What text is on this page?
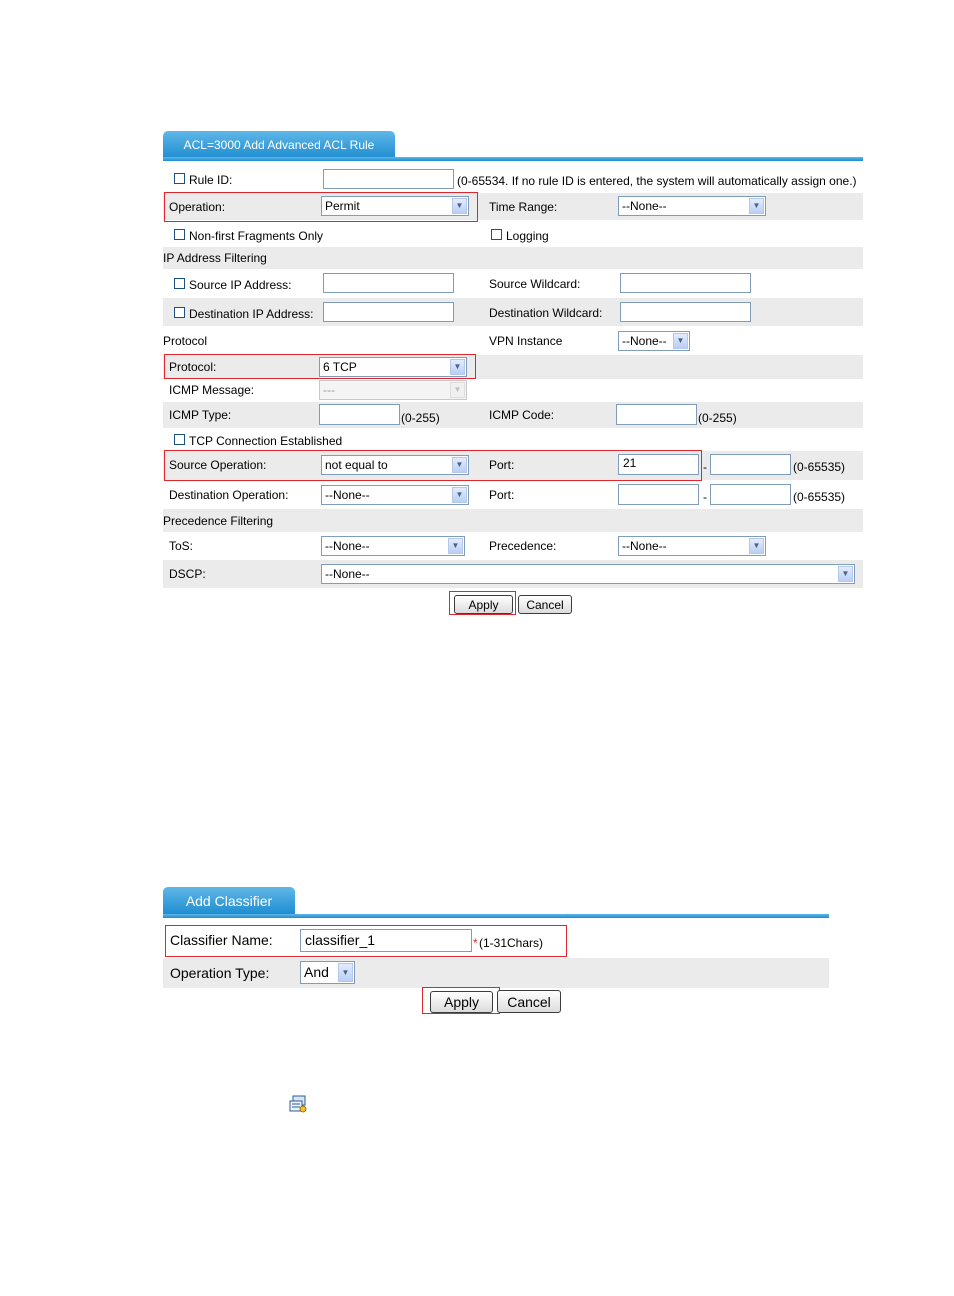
ACL=3000 Add Advanced ACL Rule
Rule ID:	(0-65534. If no rule ID is entered, the system will automatically assign one.)
Operation:	Permit	▼ Time Range:	--None--	▼
Non-first Fragments Only	Logging
IP Address Filtering
Source IP Address:	Source Wildcard:
Destination IP Address:	Destination Wildcard:
Protocol	VPN Instance	--None--	▼
Protocol:	6 TCP	▼
ICMP Message:	---	▼
ICMP Type:	(0-255)	ICMP Code:	(0-255)
TCP Connection Established
Source Operation:	not equal to	▼ Port:	21	-	(0-65535)
Destination Operation:	--None--	▼ Port:	-	(0-65535)
Precedence Filtering
ToS:	--None--	▼ Precedence:	--None--	▼
DSCP:	--None--	▼
Apply Cancel
Add Classifier
Classifier Name:	classifier_1	* (1-31Chars)
Operation Type: And	▼
Apply Cancel
